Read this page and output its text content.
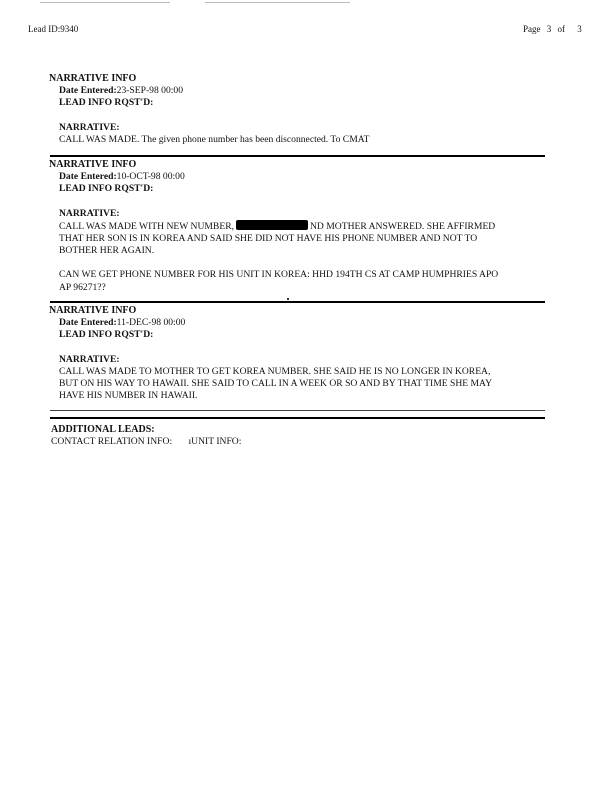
Lead ID:9340	Page 3 of 3
NARRATIVE INFO
Date Entered:23-SEP-98 00:00
LEAD INFO RQST'D:
NARRATIVE:
CALL WAS MADE. The given phone number has been disconnected. To CMAT
NARRATIVE INFO
Date Entered:10-OCT-98 00:00
LEAD INFO RQST'D:
NARRATIVE:
CALL WAS MADE WITH NEW NUMBER,	ND MOTHER ANSWERED. SHE AFFIRMED
THAT HER SON IS IN KOREA AND SAID SHE DID NOT HAVE HIS PHONE NUMBER AND NOT TO
BOTHER HER AGAIN.
CAN WE GET PHONE NUMBER FOR HIS UNIT IN KOREA: HHD 194TH CS AT CAMP HUMPHRIES APO
AP 96271??
NARRATIVE INFO
Date Entered:11-DEC-98 00:00
LEAD INFO RQST'D:
NARRATIVE:
CALL WAS MADE TO MOTHER TO GET KOREA NUMBER. SHE SAID HE IS NO LONGER IN KOREA,
BUT ON HIS WAY TO HAWAII. SHE SAID TO CALL IN A WEEK OR SO AND BY THAT TIME SHE MAY
HAVE HIS NUMBER IN HAWAII.
ADDITIONAL LEADS:
CONTACT RELATION INFO: ıUNIT INFO:
